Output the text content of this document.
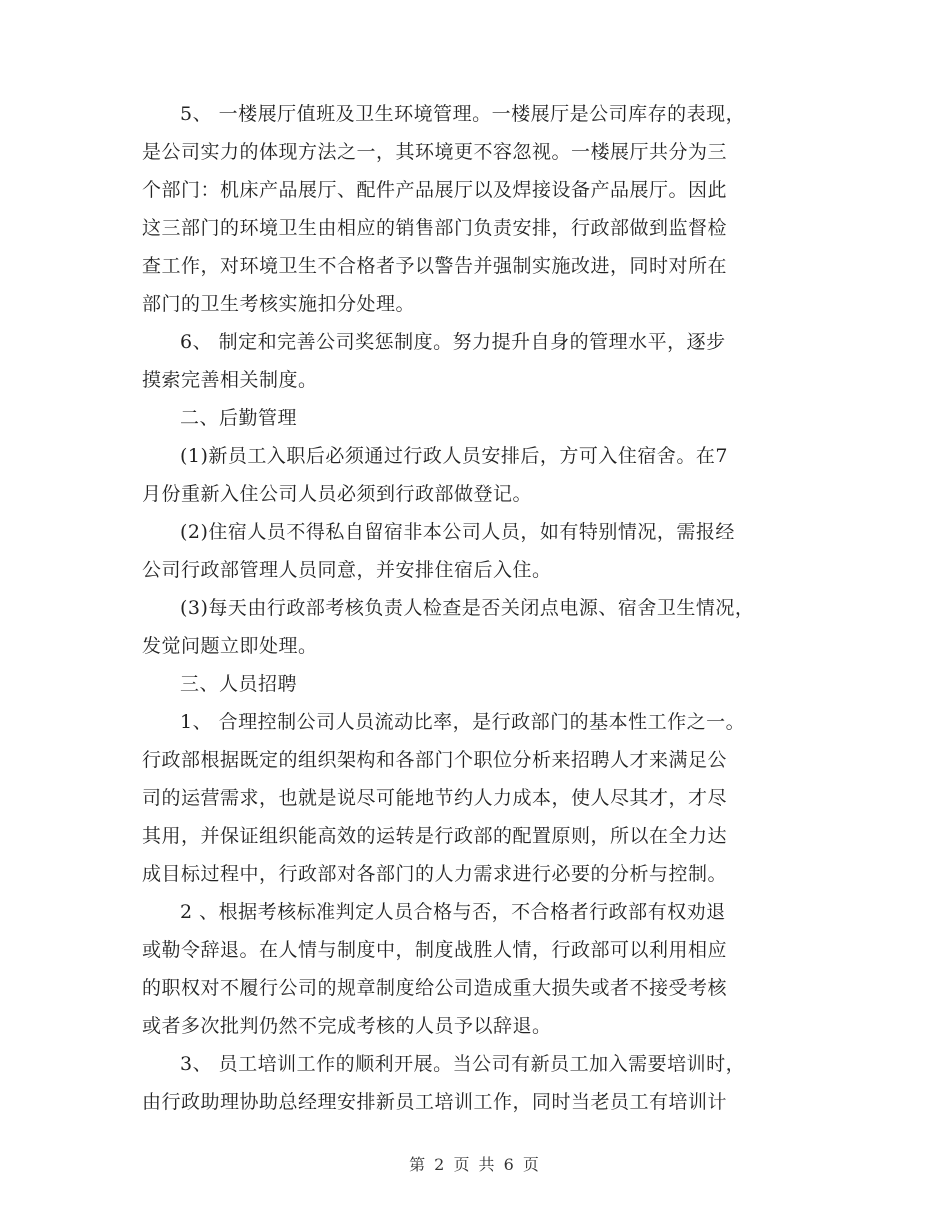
5、 一楼展厅值班及卫生环境管理。一楼展厅是公司库存的表现，
是公司实力的体现方法之一，其环境更不容忽视。一楼展厅共分为三
个部门：机床产品展厅、配件产品展厅以及焊接设备产品展厅。因此
这三部门的环境卫生由相应的销售部门负责安排，行政部做到监督检
查工作，对环境卫生不合格者予以警告并强制实施改进，同时对所在
部门的卫生考核实施扣分处理。
6、 制定和完善公司奖惩制度。努力提升自身的管理水平，逐步
摸索完善相关制度。
二、后勤管理
(1)新员工入职后必须通过行政人员安排后，方可入住宿舍。在7
月份重新入住公司人员必须到行政部做登记。
(2)住宿人员不得私自留宿非本公司人员，如有特别情况，需报经
公司行政部管理人员同意，并安排住宿后入住。
(3)每天由行政部考核负责人检查是否关闭点电源、宿舍卫生情况，
发觉问题立即处理。
三、人员招聘
1、 合理控制公司人员流动比率，是行政部门的基本性工作之一。
行政部根据既定的组织架构和各部门个职位分析来招聘人才来满足公
司的运营需求，也就是说尽可能地节约人力成本，使人尽其才，才尽
其用，并保证组织能高效的运转是行政部的配置原则，所以在全力达
成目标过程中，行政部对各部门的人力需求进行必要的分析与控制。
2 、根据考核标准判定人员合格与否，不合格者行政部有权劝退
或勒令辞退。在人情与制度中，制度战胜人情，行政部可以利用相应
的职权对不履行公司的规章制度给公司造成重大损失或者不接受考核
或者多次批判仍然不完成考核的人员予以辞退。
3、 员工培训工作的顺利开展。当公司有新员工加入需要培训时，
由行政助理协助总经理安排新员工培训工作，同时当老员工有培训计
第 2 页 共 6 页
